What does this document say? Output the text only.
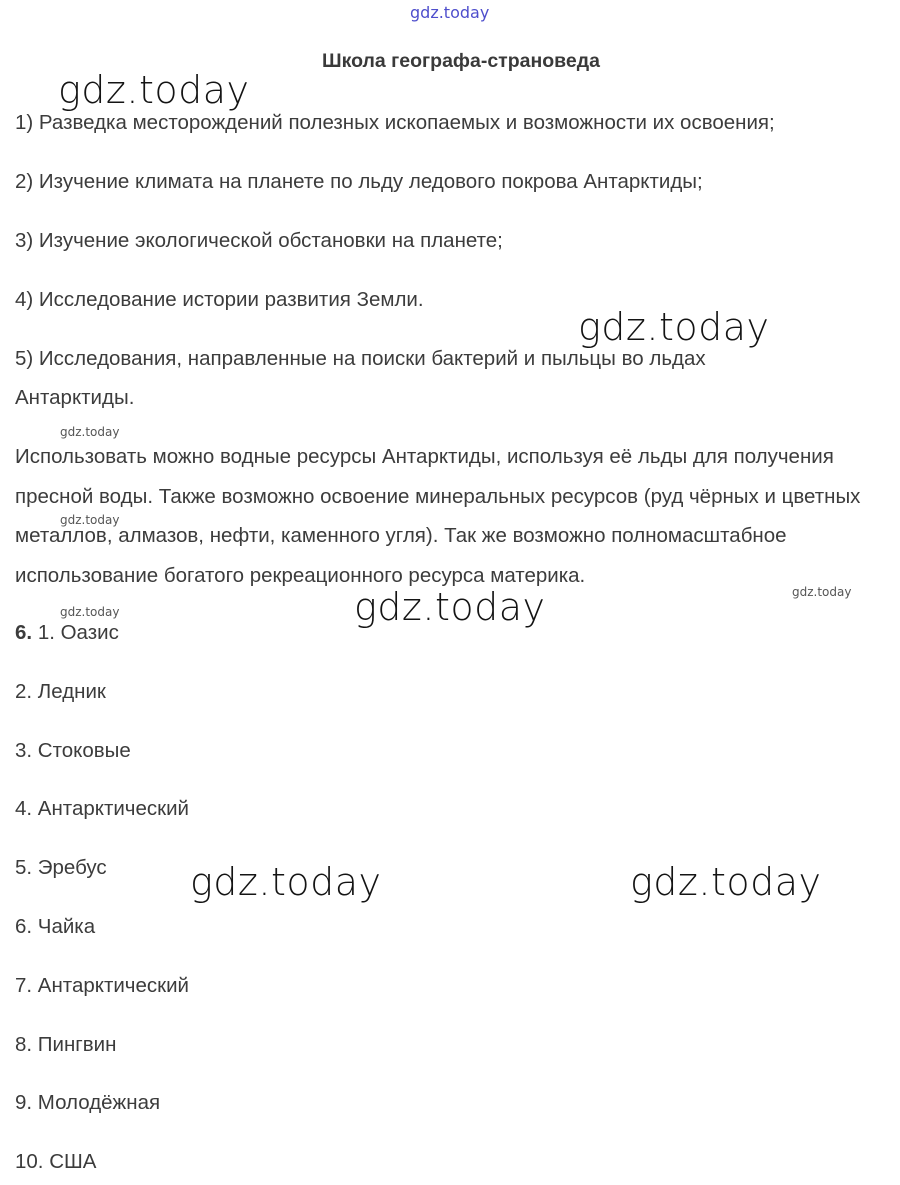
gdz.today
Школа географа-страноведа
1) Разведка месторождений полезных ископаемых и возможности их освоения;
2) Изучение климата на планете по льду ледового покрова Антарктиды;
3) Изучение экологической обстановки на планете;
4) Исследование истории развития Земли.
5) Исследования, направленные на поиски бактерий и пыльцы во льдах Антарктиды.
Использовать можно водные ресурсы Антарктиды, используя её льды для получения пресной воды. Также возможно освоение минеральных ресурсов (руд чёрных и цветных металлов, алмазов, нефти, каменного угля). Так же возможно полномасштабное использование богатого рекреационного ресурса материка.
6. 1. Оазис
2. Ледник
3. Стоковые
4. Антарктический
5. Эребус
6. Чайка
7. Антарктический
8. Пингвин
9. Молодёжная
10. США
gdz.today
gdz.today
gdz.today
gdz.today	gdz.today
gdz.today
gdz.today
gdz.today
gdz.today
